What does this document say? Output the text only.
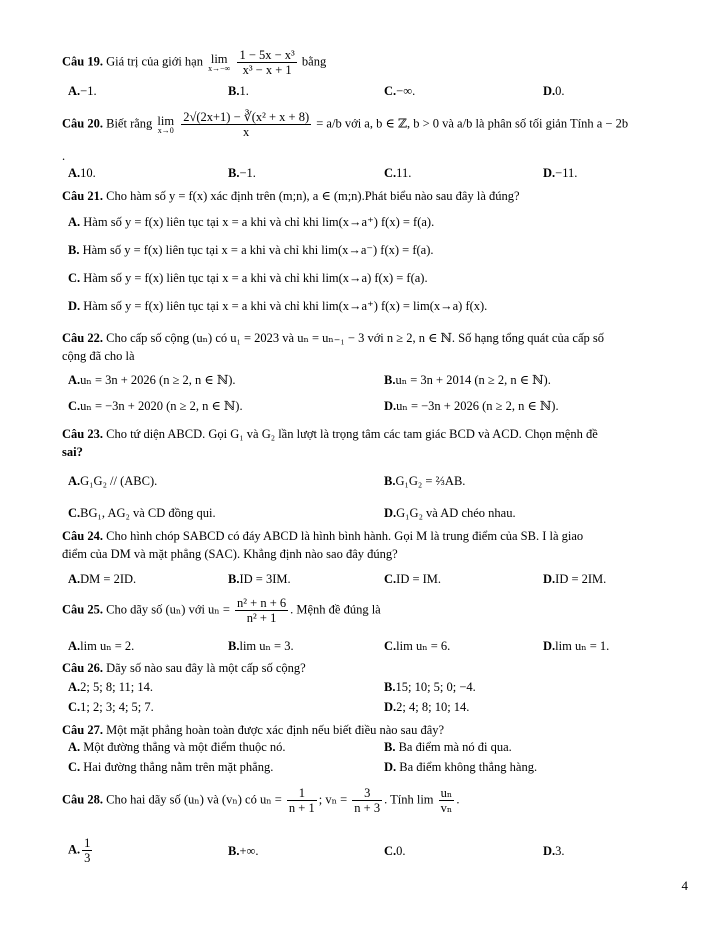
Câu 19. Giá trị của giới hạn lim
x→−∞
$\frac{\text{1 − 5x − x³}}{\text{x³ − x + 1}}$ bằng
A.−1.	B.1.	C.−∞.	D.0.
Câu 20. Biết rằng lim
x→0
$\frac{\text{2√(2x+1) − ∛(x² + x + 8)}}{x} = a/b$ với a, b ∈ ℤ, b > 0 và a/b là phân số tối giản Tính a − 2b
.
A.10.	B.−1.	C.11.	D.−11.
Câu 21. Cho hàm số y = f(x) xác định trên (m;n), a ∈ (m;n).Phát biểu nào sau đây là đúng?
A. Hàm số y = f(x) liên tục tại x = a khi và chỉ khi lim(x→a⁺) f(x) = f(a).
B. Hàm số y = f(x) liên tục tại x = a khi và chỉ khi lim(x→a⁻) f(x) = f(a).
C. Hàm số y = f(x) liên tục tại x = a khi và chỉ khi lim(x→a) f(x) = f(a).
D. Hàm số y = f(x) liên tục tại x = a khi và chỉ khi lim(x→a⁺) f(x) = lim(x→a) f(x).
Câu 22. Cho cấp số cộng (uₙ) có u₁ = 2023 và uₙ = uₙ₋₁ − 3 với n ≥ 2, n ∈ ℕ. Số hạng tổng quát của cấp số
cộng đã cho là
A.uₙ = 3n + 2026 (n ≥ 2, n ∈ ℕ).	B.uₙ = 3n + 2014 (n ≥ 2, n ∈ ℕ).
C.uₙ = −3n + 2020 (n ≥ 2, n ∈ ℕ).	D.uₙ = −3n + 2026 (n ≥ 2, n ∈ ℕ).
Câu 23. Cho tứ diện ABCD. Gọi G₁ và G₂ lần lượt là trọng tâm các tam giác BCD và ACD. Chọn mệnh đề
sai?
A.G₁G₂ // (ABC).	B.G₁G₂ = ⅔AB.
C.BG₁, AG₂ và CD đồng qui.	D.G₁G₂ và AD chéo nhau.
Câu 24. Cho hình chóp SABCD có đáy ABCD là hình bình hành. Gọi M là trung điểm của SB. I là giao
điểm của DM và mặt phẳng (SAC). Khẳng định nào sao đây đúng?
A.DM = 2ID.	B.ID = 3IM.	C.ID = IM.	D.ID = 2IM.
Câu 25. Cho dãy số (uₙ) với $u_n = \frac{\text{n² + n + 6}}{\text{n² + 1}}$ . Mệnh đề đúng là
A.lim uₙ = 2.	B.lim uₙ = 3.	C.lim uₙ = 6.	D.lim uₙ = 1.
Câu 26. Dãy số nào sau đây là một cấp số cộng?
A.2; 5; 8; 11; 14.	B.15; 10; 5; 0; −4.
C.1; 2; 3; 4; 5; 7.	D.2; 4; 8; 10; 14.
Câu 27. Một mặt phẳng hoàn toàn được xác định nếu biết điều nào sau đây?
A. Một đường thẳng và một điểm thuộc nó.	B. Ba điểm mà nó đi qua.
C. Hai đường thẳng nằm trên mặt phẳng.	D. Ba điểm không thẳng hàng.
Câu 28. Cho hai dãy số (uₙ) và (vₙ) có $u_n = \frac{1}{n + 1}$ ; $v_n = \frac{3}{n + 3}$ . Tính $\lim \frac{\text{uₙ}}{\text{vₙ}}$ .
A. $\frac{1}{3}$	B.+∞.	C.0.	D.3.
4
